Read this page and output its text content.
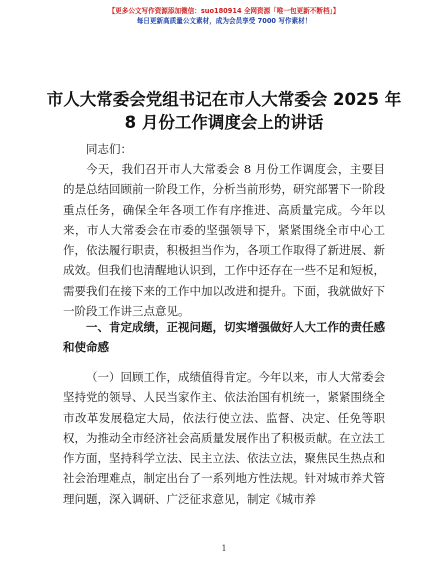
【更多公文写作资源添加微信：suo180914 全网资源「唯一包更新不断档」】
每日更新高质量公文素材，成为会员享受 7000 写作素材！
市人大常委会党组书记在市人大常委会 2025 年
8 月份工作调度会上的讲话
同志们：
今天，我们召开市人大常委会 8 月份工作调度会，主要目的是总结回顾前一阶段工作，分析当前形势，研究部署下一阶段重点任务，确保全年各项工作有序推进、高质量完成。今年以来，市人大常委会在市委的坚强领导下，紧紧围绕全市中心工作，依法履行职责，积极担当作为，各项工作取得了新进展、新成效。但我们也清醒地认识到，工作中还存在一些不足和短板，需要我们在接下来的工作中加以改进和提升。下面，我就做好下一阶段工作讲三点意见。
一、肯定成绩，正视问题，切实增强做好人大工作的责任感和使命感
（一）回顾工作，成绩值得肯定。今年以来，市人大常委会坚持党的领导、人民当家作主、依法治国有机统一，紧紧围绕全市改革发展稳定大局，依法行使立法、监督、决定、任免等职权，为推动全市经济社会高质量发展作出了积极贡献。在立法工作方面，坚持科学立法、民主立法、依法立法，聚焦民生热点和社会治理难点，制定出台了一系列地方性法规。针对城市养犬管理问题，深入调研、广泛征求意见，制定《城市养
1
